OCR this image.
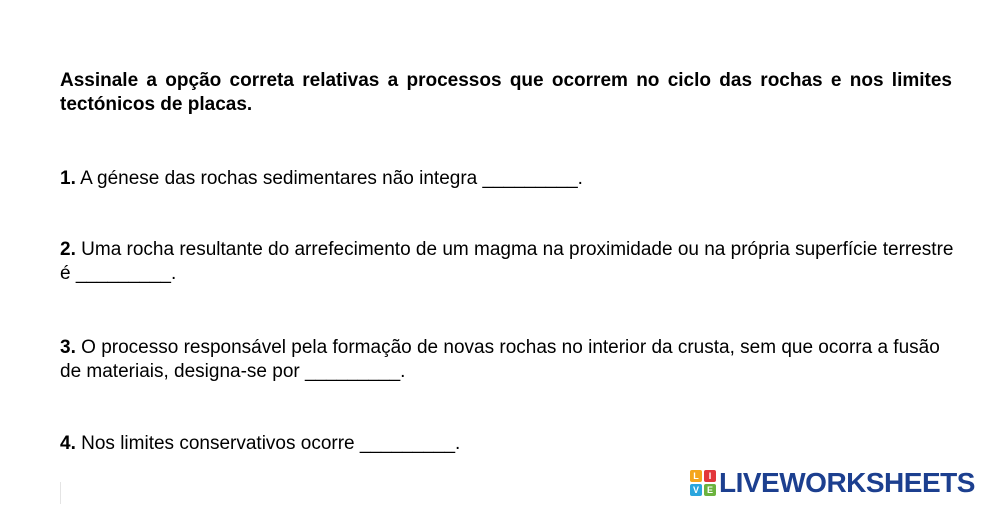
Assinale a opção correta relativas a processos que ocorrem no ciclo das rochas e nos limites tectónicos de placas.

1. A génese das rochas sedimentares não integra _________.

2. Uma rocha resultante do arrefecimento de um magma na proximidade ou na própria superfície terrestre é _________.

3. O processo responsável pela formação de novas rochas no interior da crusta, sem que ocorra a fusão de materiais, designa-se por _________.

4. Nos limites conservativos ocorre _________.

L	I
V E LIVEWORKSHEETS
